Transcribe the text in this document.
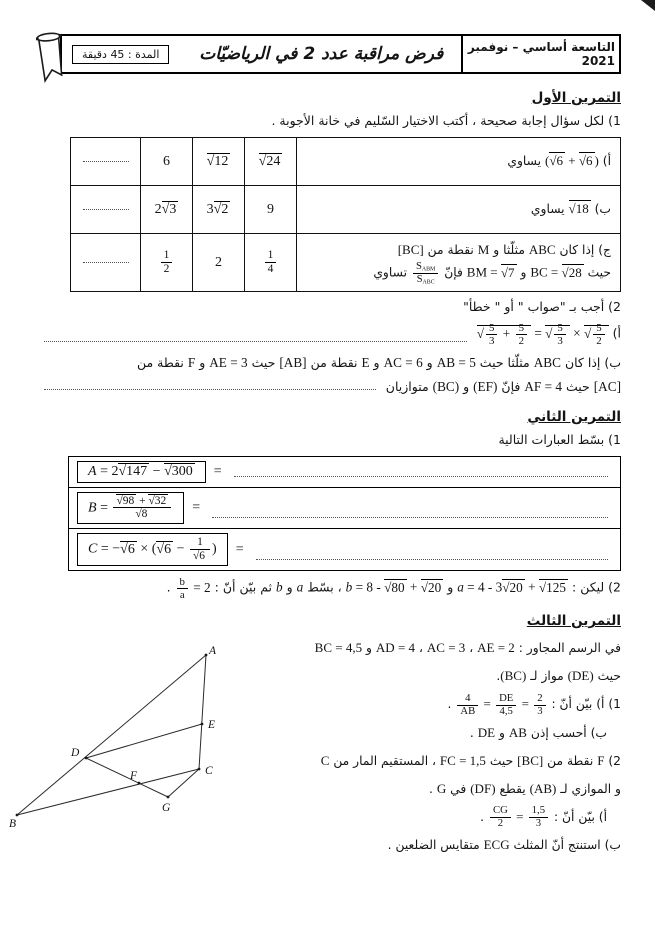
التاسعة أساسي – نوفمبر 2021
فرض مراقبة عدد 2 في الرياضيّات
المدة : 45 دقيقة
التمرين الأول
1) لكل سؤال إجابة صحيحة ، أكتب الاختيار السّليم في خانة الأجوبة .
أ) ( √ 6 + √ 6 ) يساوي	√ 24	√ 12	6	

ب) √ 18 يساوي	9	3 √ 2	2 √ 3	

ج) إذا كان ABC مثلّثا و M نقطة من [BC]
حيث BC = √ 28 و BM = √ 7 فإنّ
SABM
SABC
تساوي	$\frac{1}{4}$	2	$\frac{1}{2}$

2) أجب بـ "صواب " أو " خطأ"
أ)
√ $\frac{5}{3} + \frac{5}{2}$ = √ $\frac{5}{3}$ × √ $\frac{5}{2}$
ب) إذا كان ABC مثلّثا حيث AB = 5 و AC = 6 و E نقطة من [AB] حيث AE = 3 و F نقطة من
[AC] حيث AF = 4 فإنّ (EF) و (BC) متوازيان
التمرين الثاني
1) بسّط العبارات التالية
A = 2 √ 147 − √ 300	=
B = √ 98 + √ 32
√ 8 =
C = − √ 6 × ( √ 6 − 1
√ 6 )	=
2) ليكن : a = 4 - 3 √ 20 + √ 125 و b = 8 - √ 80 + √ 20 ، بسّط a و b ثم بيّن أنّ :
$\frac{b}{a} = 2$ .
التمرين الثالث
في الرسم المجاور : AE = 2 ، AC = 3 ، AD = 4 و BC = 4,5
حيث (DE) مواز لـ (BC).
1) أ) بيّن أنّ :
$\frac{4}{AB} = \frac{DE}{4,5} = \frac{2}{3}$
.
ب) أحسب إذن AB و DE .
2) F نقطة من [BC] حيث FC = 1,5 ، المستقيم المار من C
و الموازي لـ (AB) يقطع (DF) في G .
أ) بيّن أنّ :
$\frac{CG}{2} = \frac{1,5}{3}$
.
ب) استنتج أنّ المثلث ECG متقايس الضلعين .
A
B
C
D
E
F
G
